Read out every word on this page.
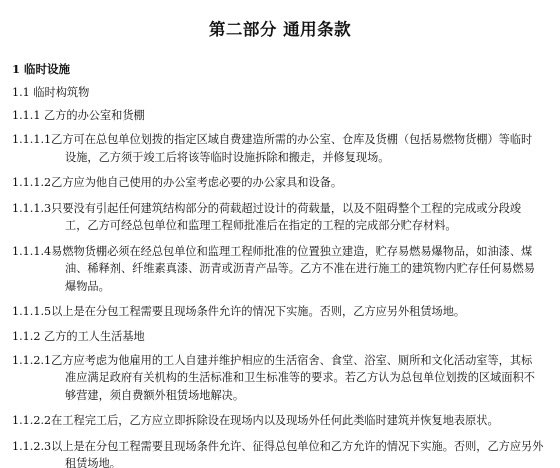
第二部分 通用条款
1 临时设施
1.1 临时构筑物
1.1.1 乙方的办公室和货棚
1.1.1.1乙方可在总包单位划拨的指定区域自费建造所需的办公室、仓库及货棚（包括易燃物货棚）等临时
设施，乙方须于竣工后将该等临时设施拆除和搬走，并修复现场。
1.1.1.2乙方应为他自己使用的办公室考虑必要的办公家具和设备。
1.1.1.3只要没有引起任何建筑结构部分的荷载超过设计的荷载量，以及不阻碍整个工程的完成或分段竣
工，乙方可经总包单位和监理工程师批准后在指定的工程的完成部分贮存材料。
1.1.1.4易燃物货棚必须在经总包单位和监理工程师批准的位置独立建造，贮存易燃易爆物品，如油漆、煤
油、稀释剂、纤维素真漆、沥青或沥青产品等。乙方不准在进行施工的建筑物内贮存任何易燃易
爆物品。
1.1.1.5以上是在分包工程需要且现场条件允许的情况下实施。否则，乙方应另外租赁场地。
1.1.2 乙方的工人生活基地
1.1.2.1乙方应考虑为他雇用的工人自建并维护相应的生活宿舍、食堂、浴室、厕所和文化活动室等，其标
准应满足政府有关机构的生活标准和卫生标准等的要求。若乙方认为总包单位划拨的区域面积不
够营建，须自费额外租赁场地解决。
1.1.2.2在工程完工后，乙方应立即拆除设在现场内以及现场外任何此类临时建筑并恢复地表原状。
1.1.2.3以上是在分包工程需要且现场条件允许、征得总包单位和乙方允许的情况下实施。否则，乙方应另外
租赁场地。
